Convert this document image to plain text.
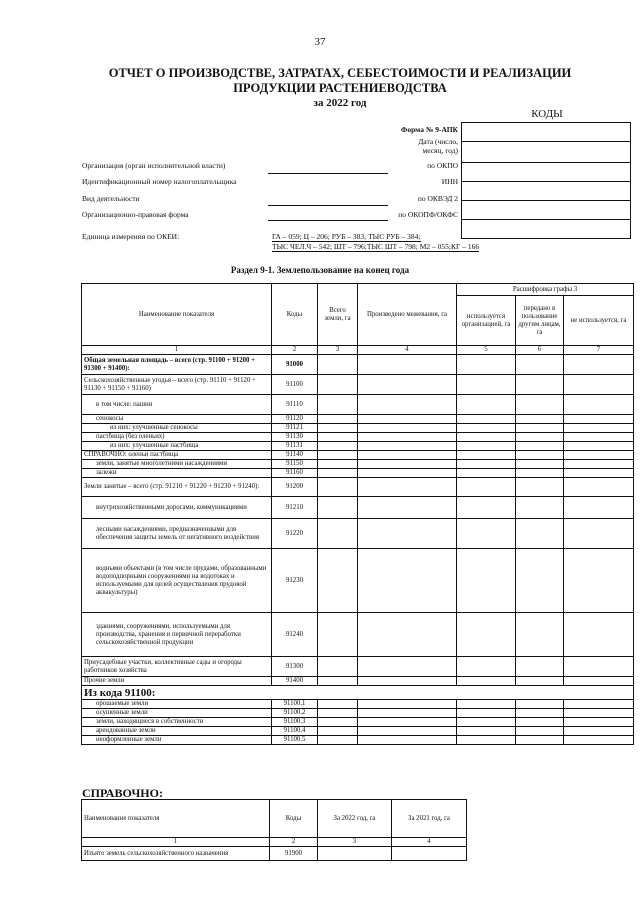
37
ОТЧЕТ О ПРОИЗВОДСТВЕ, ЗАТРАТАХ, СЕБЕСТОИМОСТИ И РЕАЛИЗАЦИИ
ПРОДУКЦИИ РАСТЕНИЕВОДСТВА
за 2022 год
КОДЫ

Форма № 9-АПК
Дата (число,
месяц, год)
по ОКПО
ИНН
по ОКВЭД 2
по ОКОПФ/ОКФС
Организация (орган исполнительной власти)
Идентификационный номер налогоплательщика
Вид деятельности
Организационно-правовая форма
Единица измерения по ОКЕИ:	ГА – 059; Ц – 206; РУБ – 383; ТЫС РУБ – 384;
ТЫС ЧЕЛ.Ч – 542; ШТ – 796;ТЫС ШТ – 798; М2 – 055;КГ – 166
Раздел 9-1. Землепользование на конец года
Наименование показателя	Коды	Всего земли, га	Произведено межевания, га	Расшифровка графы 3		
				используется организацией, га	передано в пользование другим лицам, га	не используется, га
1	2	3	4	5	6	7
Общая земельная площадь – всего (стр. 91100 + 91200 + 91300 + 91400):	91000					
Сельскохозяйственные угодья – всего (стр. 91110 + 91120 + 91130 + 91150 + 91160)	91100					
в том числе: пашни	91110					
сенокосы	91120					
из них: улучшенные сенокосы	91121					
пастбища (без оленьих)	91130					
из них: улучшенные пастбища	91131					
СПРАВОЧНО: оленьи пастбища	91140					
земли, занятые многолетними насаждениями	91150					
залежи	91160					
Земли занятые – всего (стр. 91210 + 91220 + 91230 + 91240):	91200					
внутрихозяйственными дорогами, коммуникациями	91210					
лесными насаждениями, предназначенными для обеспечения защиты земель от негативного воздействия	91220					
водными объектами (в том числе прудами, образованными водоподпорными сооружениями на водотоках и используемыми для целей осуществления прудовой аквакультуры)	91230					
зданиями, сооружениями, используемыми для производства, хранения и первичной переработки сельскохозяйственной продукции	91240					
Приусадебные участки, коллективные сады и огороды работников хозяйства	91300					
Прочие земли	91400					
Из кода 91100:						
орошаемые земли	91100.1					
осушенные земли	91100.2					
земли, находящиеся в собственности	91100.3					
арендованные земли	91100.4					
неоформленные земли	91100.5					
СПРАВОЧНО:
Наименование показателя	Коды	За 2022 год, га	За 2021 год, га
1	2	3	4
Изъято земель сельскохозяйственного назначения	91900		
